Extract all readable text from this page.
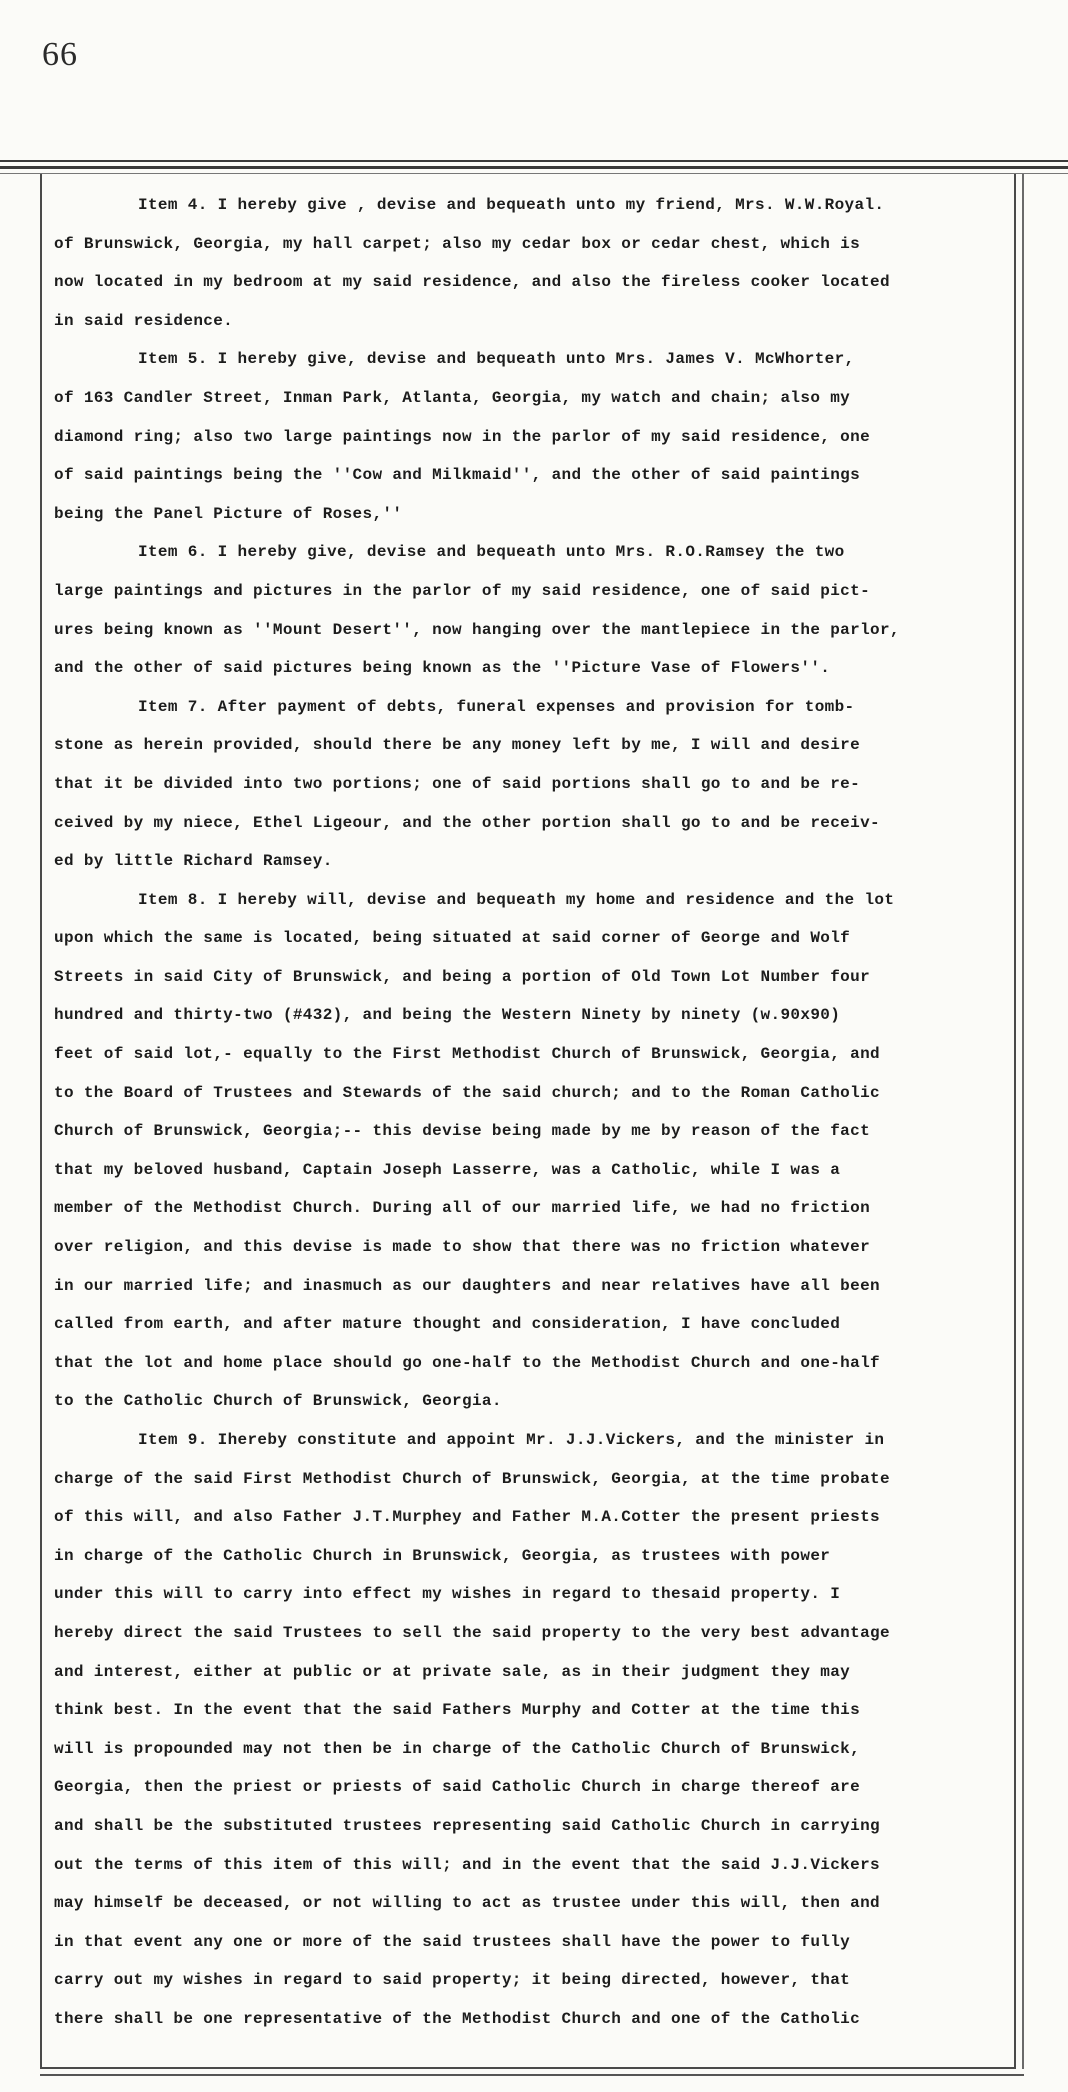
66
Item 4. I hereby give , devise and bequeath unto my friend, Mrs. W.W.Royal.
of Brunswick, Georgia, my hall carpet; also my cedar box or cedar chest, which is
now located in my bedroom at my said residence, and also the fireless cooker located
in said residence.
Item 5. I hereby give, devise and bequeath unto Mrs. James V. McWhorter,
of 163 Candler Street, Inman Park, Atlanta, Georgia, my watch and chain; also my
diamond ring; also two large paintings now in the parlor of my said residence, one
of said paintings being the ''Cow and Milkmaid'', and the other of said paintings
being the Panel Picture of Roses,''
Item 6. I hereby give, devise and bequeath unto Mrs. R.O.Ramsey the two
large paintings and pictures in the parlor of my said residence, one of said pict-
ures being known as ''Mount Desert'', now hanging over the mantlepiece in the parlor,
and the other of said pictures being known as the ''Picture Vase of Flowers''.
Item 7. After payment of debts, funeral expenses and provision for tomb-
stone as herein provided, should there be any money left by me, I will and desire
that it be divided into two portions; one of said portions shall go to and be re-
ceived by my niece, Ethel Ligeour, and the other portion shall go to and be receiv-
ed by little Richard Ramsey.
Item 8. I hereby will, devise and bequeath my home and residence and the lot
upon which the same is located, being situated at said corner of George and Wolf
Streets in said City of Brunswick, and being a portion of Old Town Lot Number four
hundred and thirty-two (#432), and being the Western Ninety by ninety (w.90x90)
feet of said lot,- equally to the First Methodist Church of Brunswick, Georgia, and
to the Board of Trustees and Stewards of the said church; and to the Roman Catholic
Church of Brunswick, Georgia;-- this devise being made by me by reason of the fact
that my beloved husband, Captain Joseph Lasserre, was a Catholic, while I was a
member of the Methodist Church. During all of our married life, we had no friction
over religion, and this devise is made to show that there was no friction whatever
in our married life; and inasmuch as our daughters and near relatives have all been
called from earth, and after mature thought and consideration, I have concluded
that the lot and home place should go one-half to the Methodist Church and one-half
to the Catholic Church of Brunswick, Georgia.
Item 9. Ihereby constitute and appoint Mr. J.J.Vickers, and the minister in
charge of the said First Methodist Church of Brunswick, Georgia, at the time probate
of this will, and also Father J.T.Murphey and Father M.A.Cotter the present priests
in charge of the Catholic Church in Brunswick, Georgia, as trustees with power
under this will to carry into effect my wishes in regard to thesaid property. I
hereby direct the said Trustees to sell the said property to the very best advantage
and interest, either at public or at private sale, as in their judgment they may
think best. In the event that the said Fathers Murphy and Cotter at the time this
will is propounded may not then be in charge of the Catholic Church of Brunswick,
Georgia, then the priest or priests of said Catholic Church in charge thereof are
and shall be the substituted trustees representing said Catholic Church in carrying
out the terms of this item of this will; and in the event that the said J.J.Vickers
may himself be deceased, or not willing to act as trustee under this will, then and
in that event any one or more of the said trustees shall have the power to fully
carry out my wishes in regard to said property; it being directed, however, that
there shall be one representative of the Methodist Church and one of the Catholic
